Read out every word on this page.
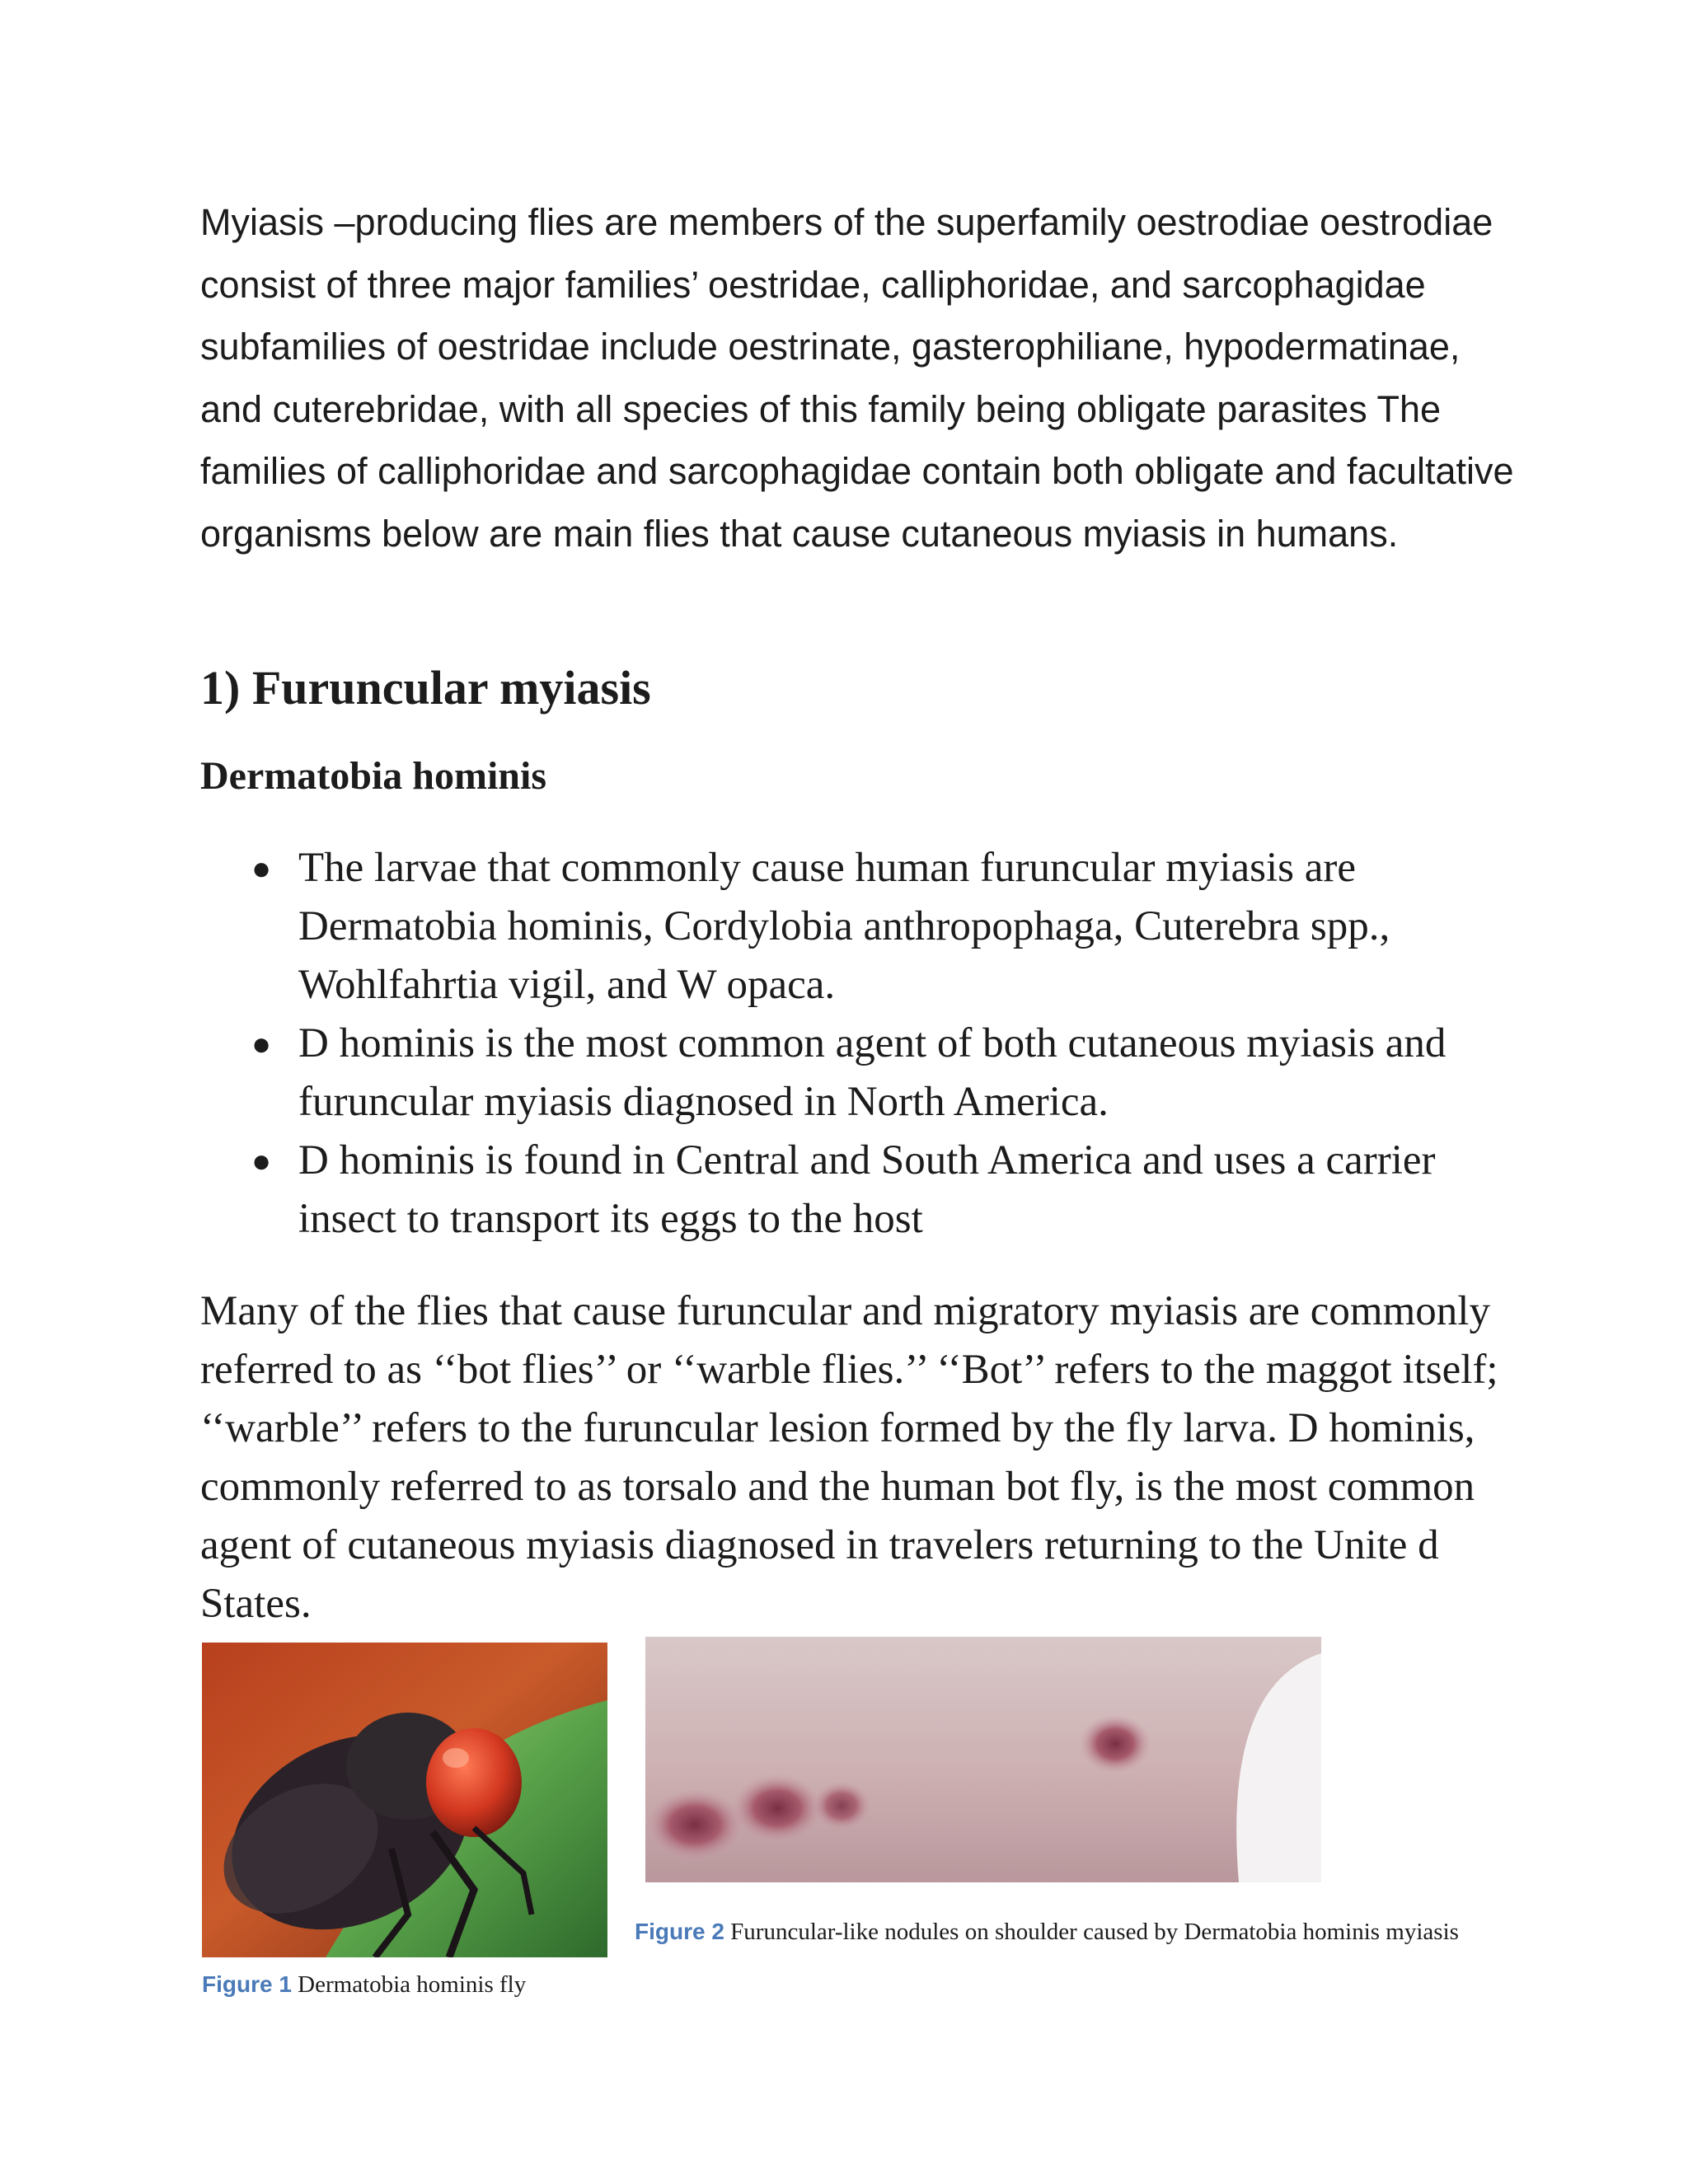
Myiasis –producing flies are members of the superfamily oestrodiae oestrodiae consist of three major families’ oestridae, calliphoridae, and sarcophagidae subfamilies of oestridae include oestrinate, gasterophiliane, hypodermatinae, and cuterebridae, with all species of this family being obligate parasites The families of calliphoridae and sarcophagidae contain both obligate and facultative organisms below are main flies that cause cutaneous myiasis in humans.

1) Furuncular myiasis
Dermatobia hominis
● The larvae that commonly cause human furuncular myiasis are Dermatobia hominis, Cordylobia anthropophaga, Cuterebra spp., Wohlfahrtia vigil, and W opaca.
● D hominis is the most common agent of both cutaneous myiasis and furuncular myiasis diagnosed in North America.
● D hominis is found in Central and South America and uses a carrier insect to transport its eggs to the host

Many of the flies that cause furuncular and migratory myiasis are commonly referred to as ‘‘bot flies’’ or ‘‘warble flies.’’ ‘‘Bot’’ refers to the maggot itself; ‘‘warble’’ refers to the furuncular lesion formed by the fly larva. D hominis, commonly referred to as torsalo and the human bot fly, is the most common agent of cutaneous myiasis diagnosed in travelers returning to the Unite d States.

Figure 1 Dermatobia hominis fly

Figure 2 Furuncular-like nodules on shoulder caused by Dermatobia hominis myiasis
